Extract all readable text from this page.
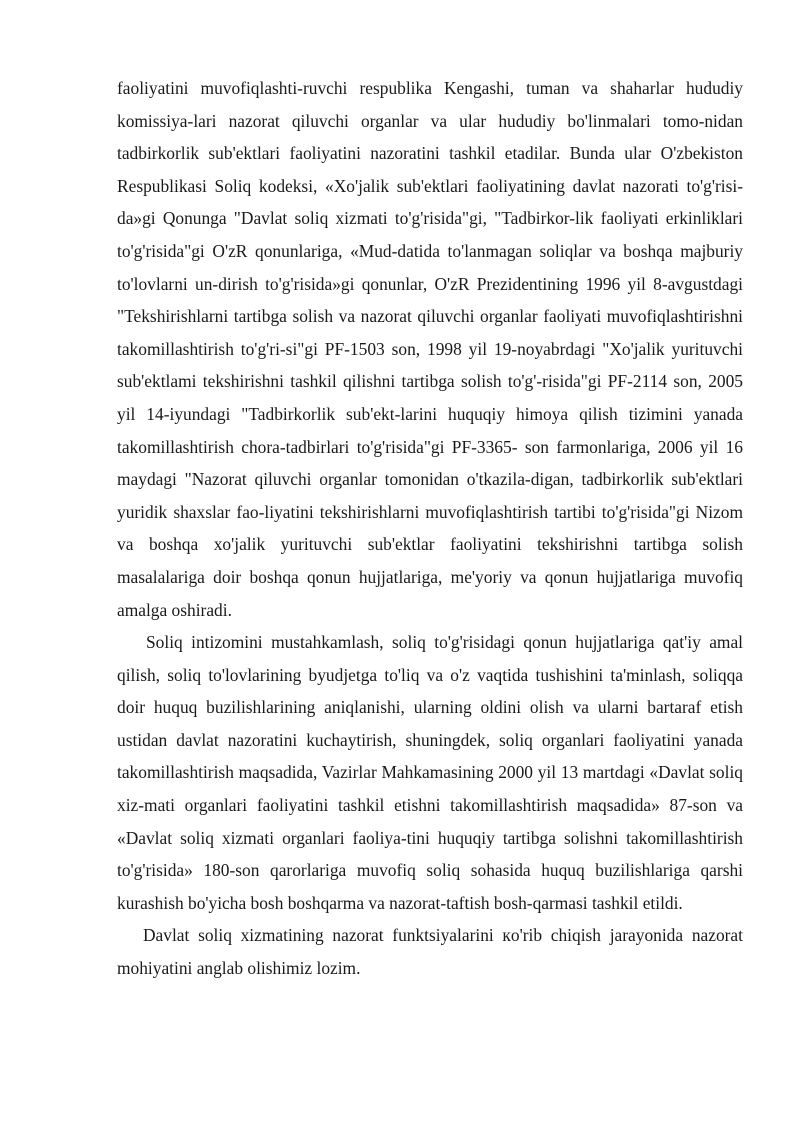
faoliyatini muvofiqlashti-ruvchi respublika Kengashi, tuman va shaharlar hududiy komissiya-lari nazorat qiluvchi organlar va ular hududiy bo'linmalari tomo-nidan tadbirkorlik sub'ektlari faoliyatini nazoratini tashkil etadilar. Bunda ular O'zbekiston Respublikasi Soliq kodeksi, «Xo'jalik sub'ektlari faoliyatining davlat nazorati to'g'risi-da»gi Qonunga "Davlat soliq xizmati to'g'risida"gi, "Tadbirkor-lik faoliyati erkinliklari to'g'risida"gi O'zR qonunlariga, «Mud-datida to'lanmagan soliqlar va boshqa majburiy to'lovlarni un-dirish to'g'risida»gi qonunlar, O'zR Prezidentining 1996 yil 8-avgustdagi "Tekshirishlarni tartibga solish va nazorat qiluvchi organlar faoliyati muvofiqlashtirishni takomillashtirish to'g'ri-si"gi PF-1503 son, 1998 yil 19-noyabrdagi "Xo'jalik yurituvchi sub'ektlami tekshirishni tashkil qilishni tartibga solish to'g'-risida"gi PF-2114 son, 2005 yil 14-iyundagi "Tadbirkorlik sub'ekt-larini huquqiy himoya qilish tizimini yanada takomillashtirish chora-tadbirlari to'g'risida"gi PF-3365- son farmonlariga, 2006 yil 16 maydagi "Nazorat qiluvchi organlar tomonidan o'tkazila-digan, tadbirkorlik sub'ektlari yuridik shaxslar fao-liyatini tekshirishlarni muvofiqlashtirish tartibi to'g'risida"gi Nizom va boshqa xo'jalik yurituvchi sub'ektlar faoliyatini tekshirishni tartibga solish masalalariga doir boshqa qonun hujjatlariga, me'yoriy va qonun hujjatlariga muvofiq amalga oshiradi.

Soliq intizomini mustahkamlash, soliq to'g'risidagi qonun hujjatlariga qat'iy amal qilish, soliq to'lovlarining byudjetga to'liq va o'z vaqtida tushishini ta'minlash, soliqqa doir huquq buzilishlarining aniqlanishi, ularning oldini olish va ularni bartaraf etish ustidan davlat nazoratini kuchaytirish, shuningdek, soliq organlari faoliyatini yanada takomillashtirish maqsadida, Vazirlar Mahkamasining 2000 yil 13 martdagi «Davlat soliq xiz-mati organlari faoliyatini tashkil etishni takomillashtirish maqsadida» 87-son va «Davlat soliq xizmati organlari faoliya-tini huquqiy tartibga solishni takomillashtirish to'g'risida» 180-son qarorlariga muvofiq soliq sohasida huquq buzilishlariga qarshi kurashish bo'yicha bosh boshqarma va nazorat-taftish bosh-qarmasi tashkil etildi.

Davlat soliq xizmatining nazorat funktsiyalarini кo'rib chiqish jarayonida nazorat mohiyatini anglab olishimiz lozim.
